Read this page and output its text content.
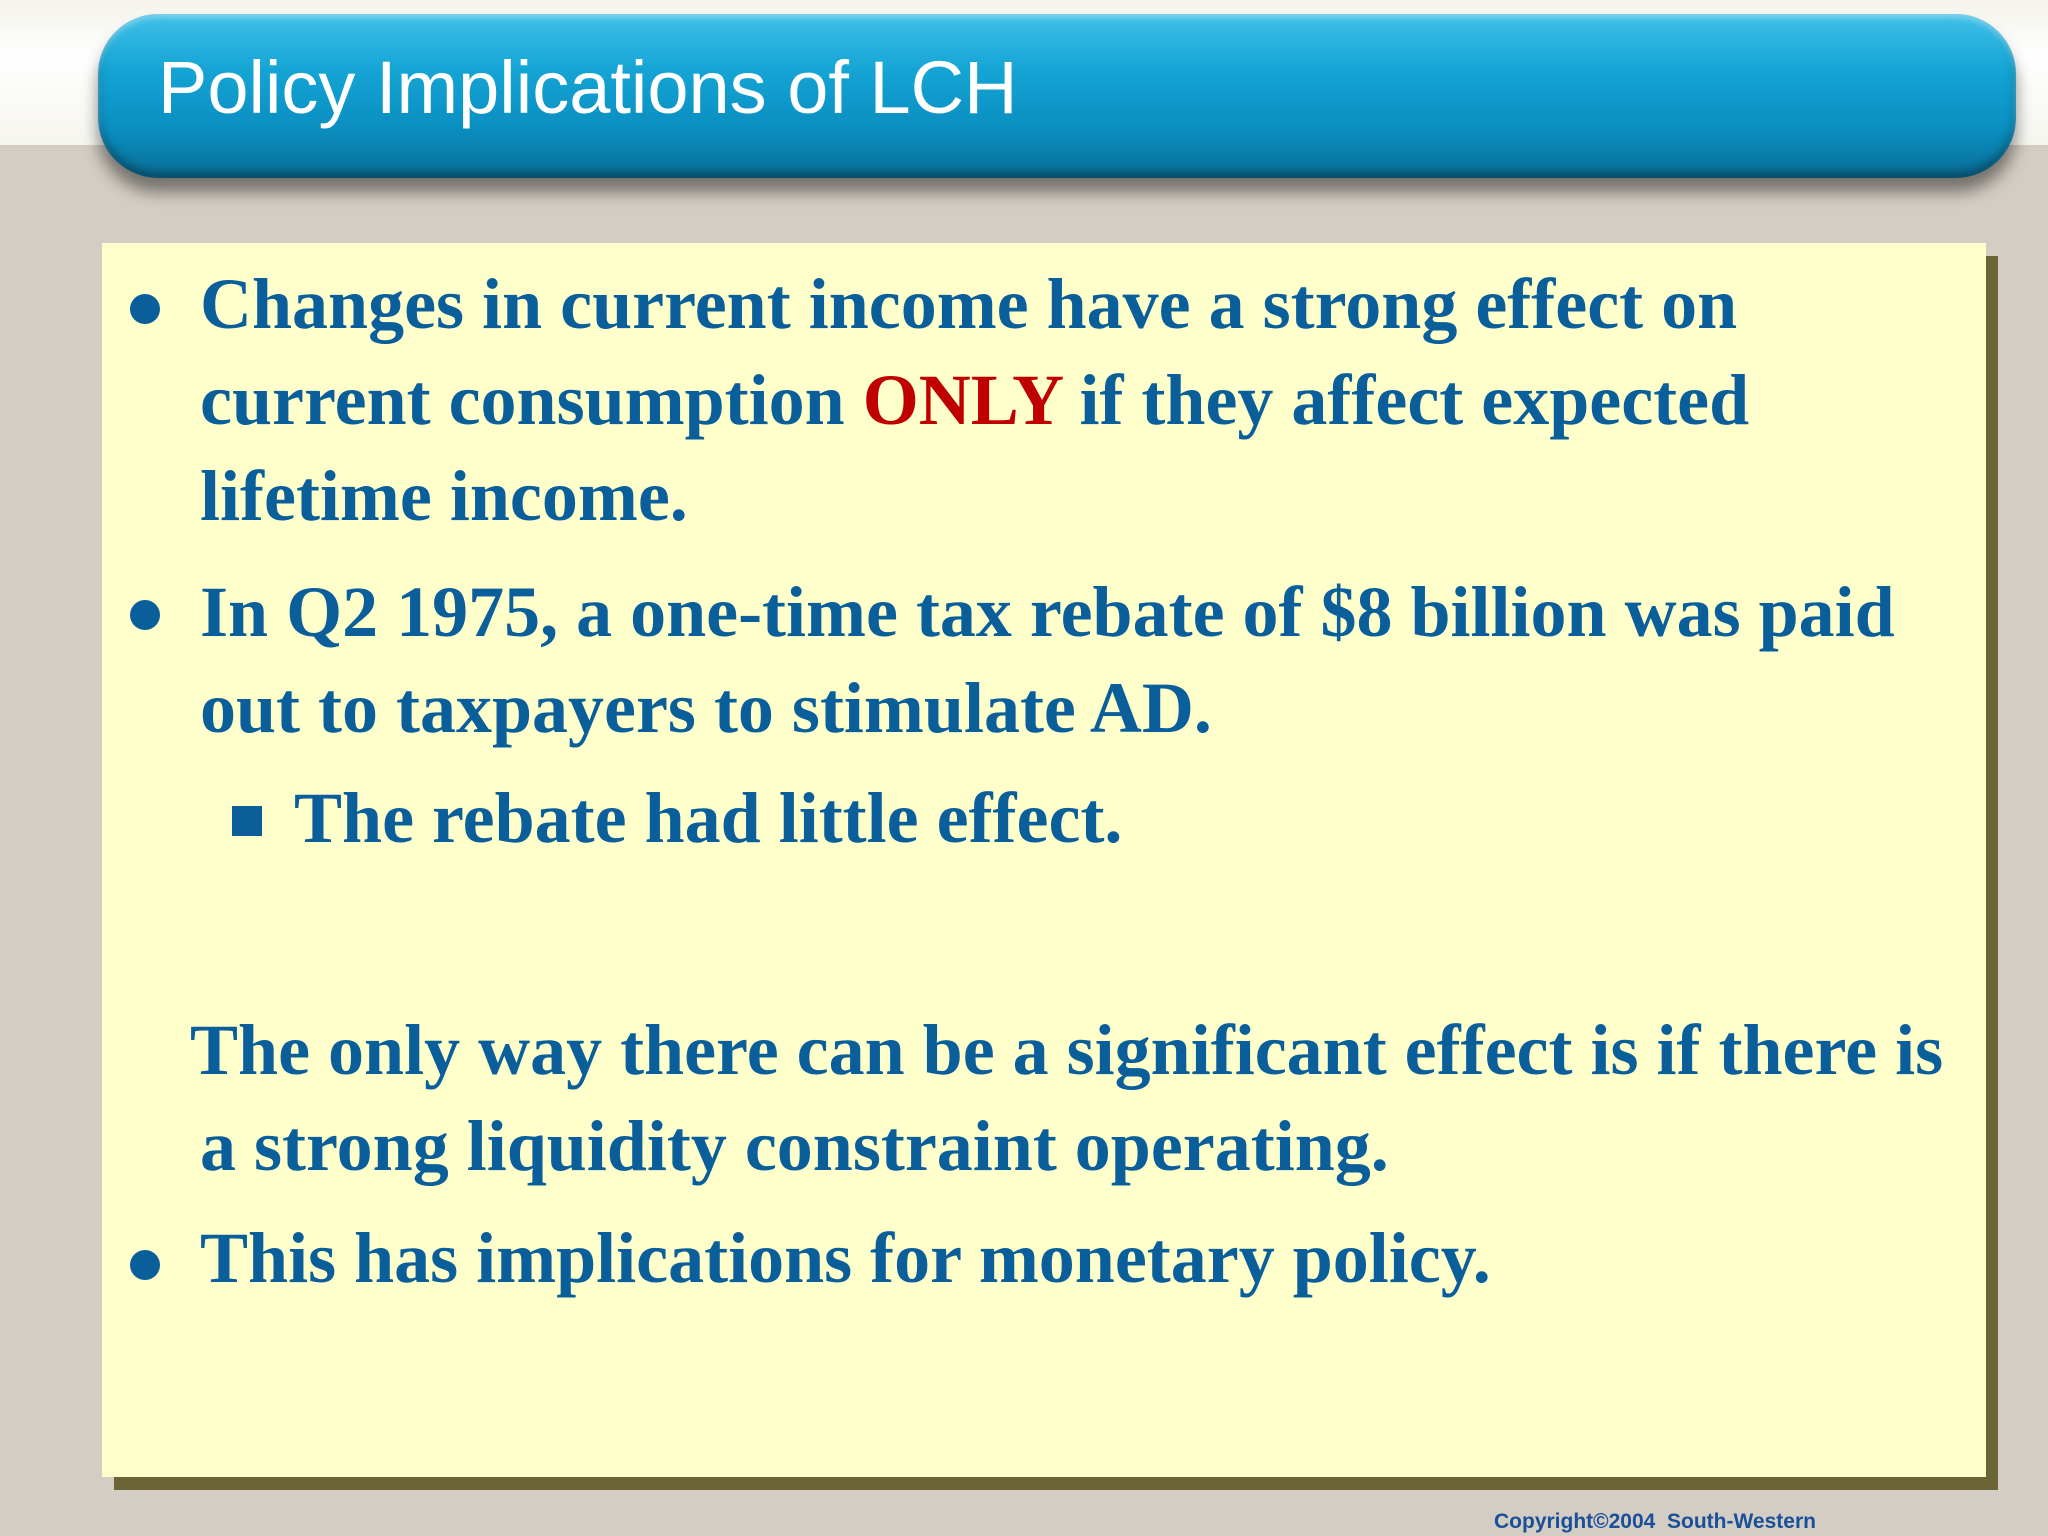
Policy Implications of LCH
Changes in current income have a strong effect on current consumption ONLY if they affect expected lifetime income.
In Q2 1975, a one-time tax rebate of $8 billion was paid out to taxpayers to stimulate AD.
The rebate had little effect.
The only way there can be a significant effect is if there is a strong liquidity constraint operating.
This has implications for monetary policy.
Copyright©2004  South-Western
